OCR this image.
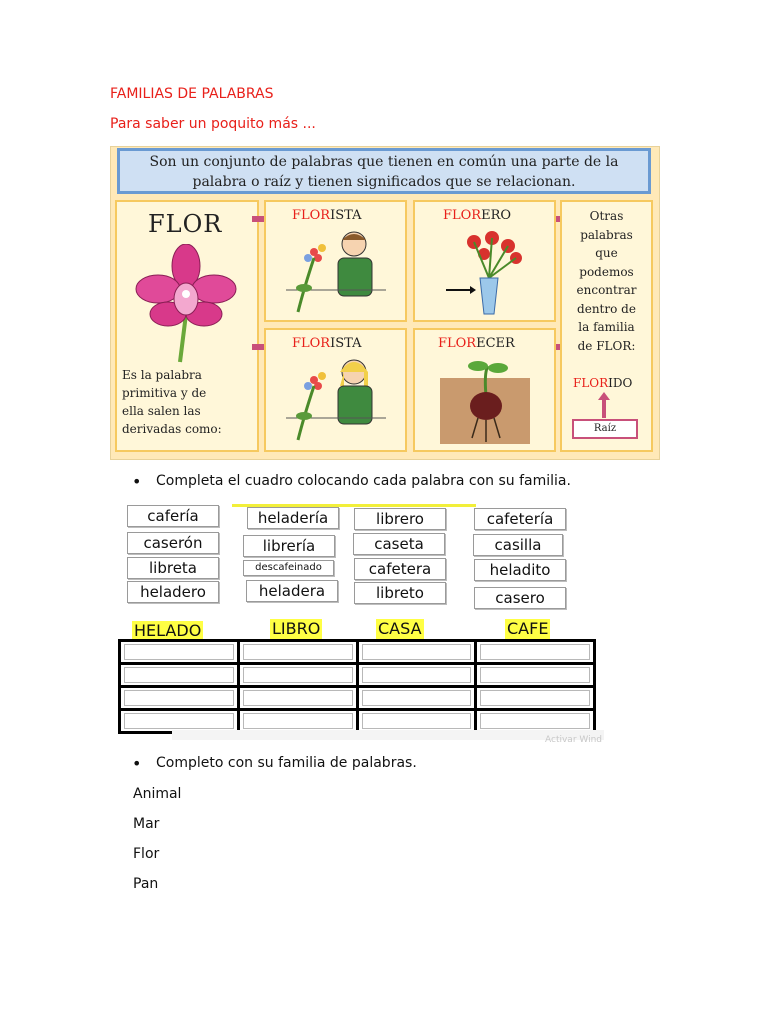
FAMILIAS DE PALABRAS
Para saber un poquito más ...
Son un conjunto de palabras que tienen en común una parte de la
palabra o raíz y tienen significados que se relacionan.
FLOR
Es la palabra
primitiva y de
ella salen las
derivadas como:
FLORISTA	FLORERO
FLORISTA	FLORECER
Otras
palabras
que
podemos
encontrar
dentro de
la familia
de FLOR:
FLORIDO
Raíz
• Completa el cuadro colocando cada palabra con su familia.
cafería
caserón
libreta
heladero
heladería
librería
descafeinado
heladera
librero
caseta
cafetera
libreto
cafetería
casilla
heladito
casero
HELADO	LIBRO	CASA	CAFE

Activar Wind
• Completo con su familia de palabras.
Animal
Mar
Flor
Pan
